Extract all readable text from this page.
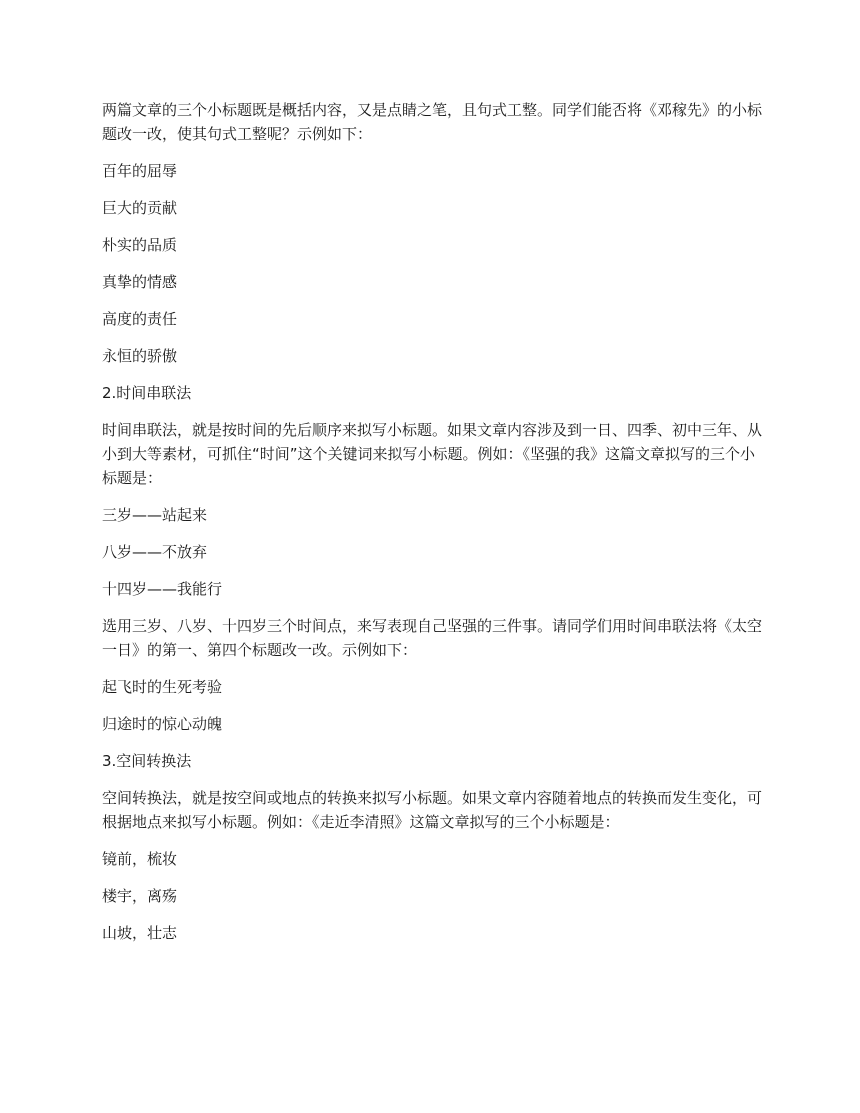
两篇文章的三个小标题既是概括内容，又是点睛之笔，且句式工整。同学们能否将《邓稼先》的小标题改一改，使其句式工整呢？示例如下：

百年的屈辱

巨大的贡献

朴实的品质

真挚的情感

高度的责任

永恒的骄傲

2.时间串联法

时间串联法，就是按时间的先后顺序来拟写小标题。如果文章内容涉及到一日、四季、初中三年、从小到大等素材，可抓住“时间”这个关键词来拟写小标题。例如：《坚强的我》这篇文章拟写的三个小标题是：

三岁——站起来

八岁——不放弃

十四岁——我能行

选用三岁、八岁、十四岁三个时间点，来写表现自己坚强的三件事。请同学们用时间串联法将《太空一日》的第一、第四个标题改一改。示例如下：

起飞时的生死考验

归途时的惊心动魄

3.空间转换法

空间转换法，就是按空间或地点的转换来拟写小标题。如果文章内容随着地点的转换而发生变化，可根据地点来拟写小标题。例如：《走近李清照》这篇文章拟写的三个小标题是：

镜前，梳妆

楼宇，离殇

山坡，壮志
